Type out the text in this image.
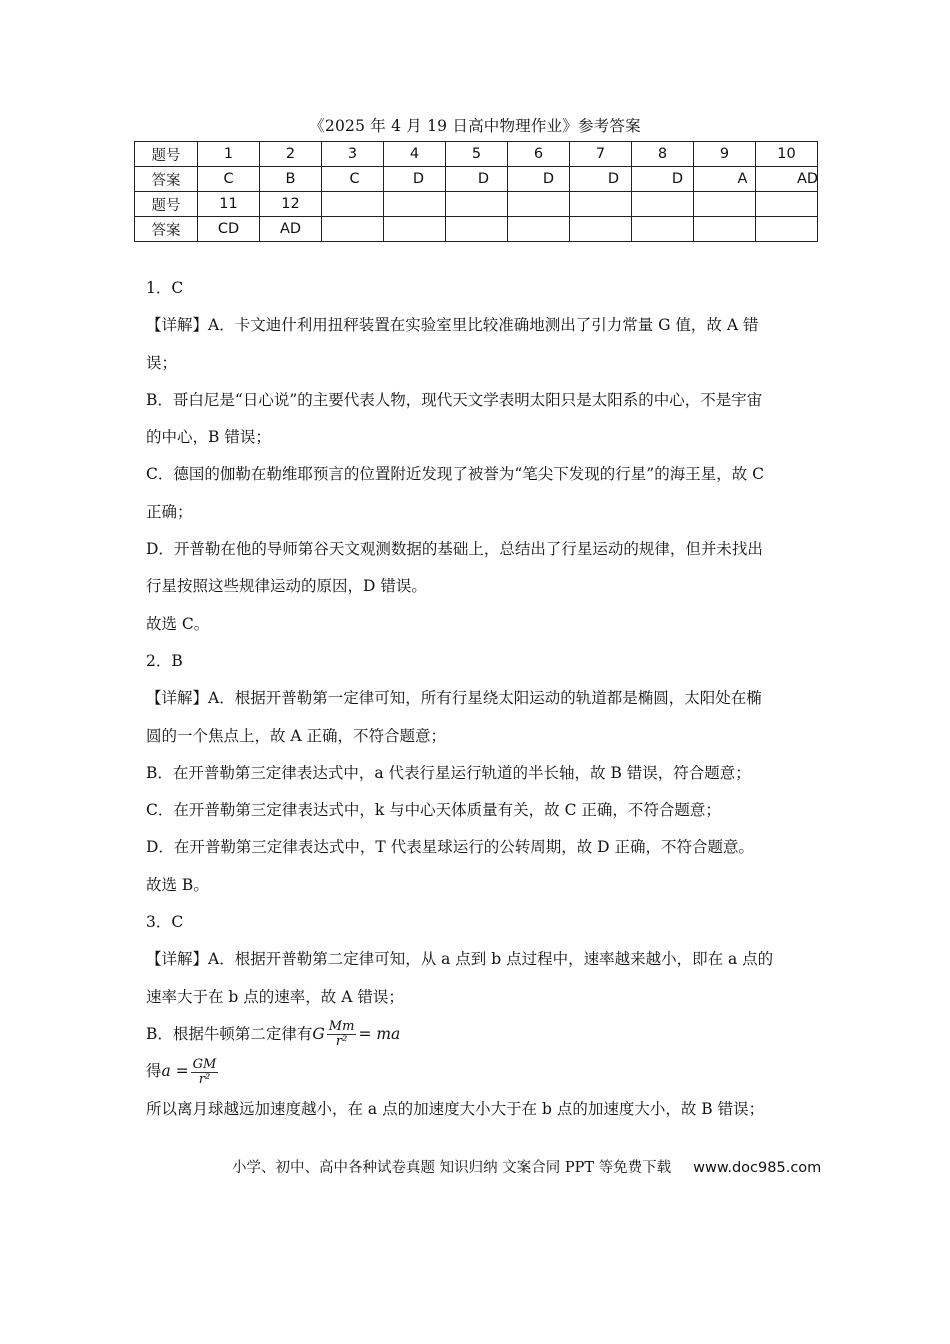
《2025 年 4 月 19 日高中物理作业》参考答案
题号	1	2	3	4	5	6	7	8	9	10
答案	C	B	C	D	D	D	D	D	A	AD
题号	11	12								
答案	CD	AD								
1．C
【详解】A．卡文迪什利用扭秤装置在实验室里比较准确地测出了引力常量 G 值，故 A 错
误；
B．哥白尼是“日心说”的主要代表人物，现代天文学表明太阳只是太阳系的中心，不是宇宙
的中心，B 错误；
C．德国的伽勒在勒维耶预言的位置附近发现了被誉为“笔尖下发现的行星”的海王星，故 C
正确；
D．开普勒在他的导师第谷天文观测数据的基础上，总结出了行星运动的规律，但并未找出
行星按照这些规律运动的原因，D 错误。
故选 C。
2．B
【详解】A．根据开普勒第一定律可知，所有行星绕太阳运动的轨道都是椭圆，太阳处在椭
圆的一个焦点上，故 A 正确，不符合题意；
B．在开普勒第三定律表达式中，a 代表行星运行轨道的半长轴，故 B 错误，符合题意；
C．在开普勒第三定律表达式中，k 与中心天体质量有关，故 C 正确，不符合题意；
D．在开普勒第三定律表达式中，T 代表星球运行的公转周期，故 D 正确，不符合题意。
故选 B。
3．C
【详解】A．根据开普勒第二定律可知，从 a 点到 b 点过程中，速率越来越小，即在 a 点的
速率大于在 b 点的速率，故 A 错误；
B．根据牛顿第二定律有G $\frac{Mm}{\text{r²}}$ = ma
得$a = \frac{GM}{\text{r²}}$
所以离月球越远加速度越小，在 a 点的加速度大小大于在 b 点的加速度大小，故 B 错误；
小学、初中、高中各种试卷真题 知识归纳 文案合同 PPT 等免费下载 www.doc985.com
